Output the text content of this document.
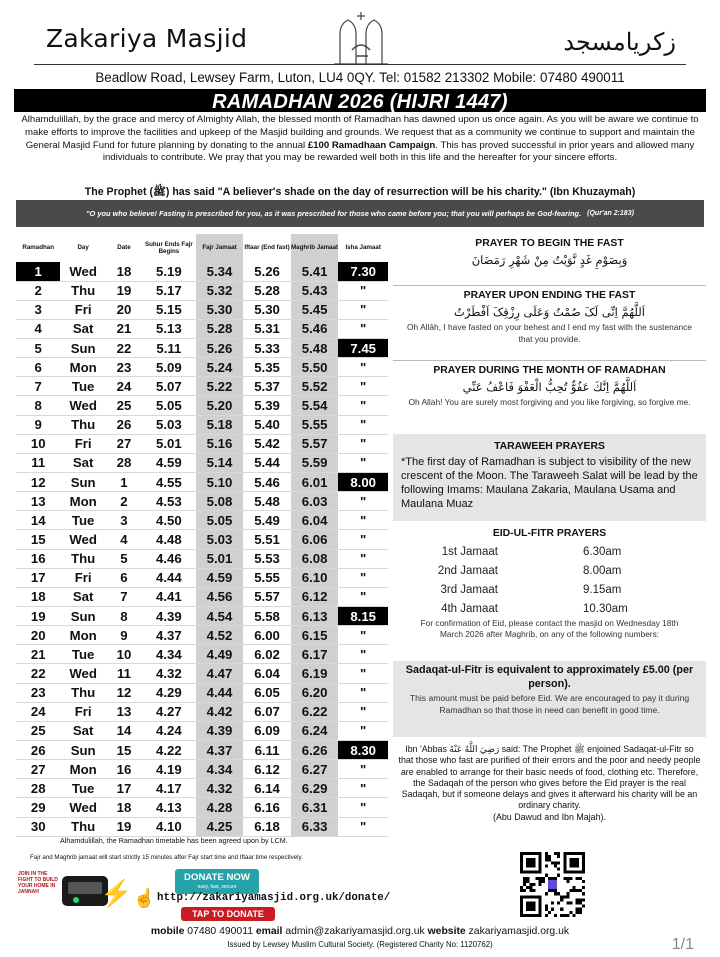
Zakariya Masjid	زکریامسجد
Beadlow Road, Lewsey Farm, Luton, LU4 0QY. Tel: 01582 213302 Mobile: 07480 490011
RAMADHAN 2026 (HIJRI 1447)
Alhamdulillah, by the grace and mercy of Almighty Allah, the blessed month of Ramadhan has dawned upon us once again. As you will be aware we continue to make efforts to improve the facilities and upkeep of the Masjid building and grounds. We request that as a community we continue to support and maintain the General Masjid Fund for future planning by donating to the annual £100 Ramadhaan Campaign. This has proved successful in prior years and allowed many individuals to contribute. We pray that you may be rewarded well both in this life and the hereafter for your sincere efforts.
The Prophet (ﷺ) has said "A believer's shade on the day of resurrection will be his charity." (Ibn Khuzaymah)
"O you who believe! Fasting is prescribed for you, as it was prescribed for those who came before you; that you will perhaps be God-fearing. (Qur'an 2:183)
Ramadhan	Day	Date	Suhur Ends Fajr Begins	Fajr Jamaat	Iftaar (End fast)	Maghrib Jamaat	Isha Jamaat
1	Wed	18	5.19	5.34	5.26	5.41	7.30
2	Thu	19	5.17	5.32	5.28	5.43	"
3	Fri	20	5.15	5.30	5.30	5.45	"
4	Sat	21	5.13	5.28	5.31	5.46	"
5	Sun	22	5.11	5.26	5.33	5.48	7.45
6	Mon	23	5.09	5.24	5.35	5.50	"
7	Tue	24	5.07	5.22	5.37	5.52	"
8	Wed	25	5.05	5.20	5.39	5.54	"
9	Thu	26	5.03	5.18	5.40	5.55	"
10	Fri	27	5.01	5.16	5.42	5.57	"
11	Sat	28	4.59	5.14	5.44	5.59	"
12	Sun	1	4.55	5.10	5.46	6.01	8.00
13	Mon	2	4.53	5.08	5.48	6.03	"
14	Tue	3	4.50	5.05	5.49	6.04	"
15	Wed	4	4.48	5.03	5.51	6.06	"
16	Thu	5	4.46	5.01	5.53	6.08	"
17	Fri	6	4.44	4.59	5.55	6.10	"
18	Sat	7	4.41	4.56	5.57	6.12	"
19	Sun	8	4.39	4.54	5.58	6.13	8.15
20	Mon	9	4.37	4.52	6.00	6.15	"
21	Tue	10	4.34	4.49	6.02	6.17	"
22	Wed	11	4.32	4.47	6.04	6.19	"
23	Thu	12	4.29	4.44	6.05	6.20	"
24	Fri	13	4.27	4.42	6.07	6.22	"
25	Sat	14	4.24	4.39	6.09	6.24	"
26	Sun	15	4.22	4.37	6.11	6.26	8.30
27	Mon	16	4.19	4.34	6.12	6.27	"
28	Tue	17	4.17	4.32	6.14	6.29	"
29	Wed	18	4.13	4.28	6.16	6.31	"
30	Thu	19	4.10	4.25	6.18	6.33	"
Alhamdulillah, the Ramadhan timetable has been agreed upon by LCM.
Fajr and Maghrib jamaat will start strictly 15 minutes after Fajr start time and Iftaar time respectively.
PRAYER TO BEGIN THE FAST
وَبِصَوْمِ غَدٍ نَّوَيْتُ مِنْ شَهْرِ رَمَضَانَ
PRAYER UPON ENDING THE FAST
اَللَّهُمَّ اِنِّی لَکَ صُمْتُ وَعَلَی رِزْقِکَ اَفْطَرْتُ
Oh Allāh, I have fasted on your behest and I end my fast with the sustenance that you provide.
PRAYER DURING THE MONTH OF RAMADHAN
اَللَّهُمَّ اِنَّكَ عَفُوٌّ تُحِبُّ الْعَفْوَ فَاعْفُ عَنِّي
Oh Allah! You are surely most forgiving and you like forgiving, so forgive me.
TARAWEEH PRAYERS
*The first day of Ramadhan is subject to visibility of the new crescent of the Moon. The Taraweeh Salat will be lead by the following Imams: Maulana Zakaria, Maulana Usama and Maulana Muaz
EID-UL-FITR PRAYERS
1st Jamaat	6.30am
2nd Jamaat	8.00am
3rd Jamaat	9.15am
4th Jamaat	10.30am
For confirmation of Eid, please contact the masjid on Wednesday 18th March 2026 after Maghrib, on any of the following numbers:
Sadaqat-ul-Fitr is equivalent to approximately £5.00 (per person).
This amount must be paid before Eid. We are encouraged to pay it during Ramadhan so that those in need can benefit in good time.
Ibn 'Abbas رَضِيَ اللَّهُ عَنْهُ said: The Prophet ﷺ enjoined Sadaqat-ul-Fitr so that those who fast are purified of their errors and the poor and needy people are enabled to arrange for their basic needs of food, clothing etc. Therefore, the Sadaqah of the person who gives before the Eid prayer is the real Sadaqah, but if someone delays and gives it afterward his charity will be an ordinary charity.
(Abu Dawud and Ibn Majah).
JOIN IN THE FIGHT TO BUILD YOUR HOME IN JANNAH	⚡
DONATE NOW
easy, fast, secure
☝ http://zakariyamasjid.org.uk/donate/
TAP TO DONATE
mobile 07480 490011 email admin@zakariyamasjid.org.uk website zakariyamasjid.org.uk
Issued by Lewsey Muslim Cultural Society. (Registered Charity No: 1120762)	1/1
